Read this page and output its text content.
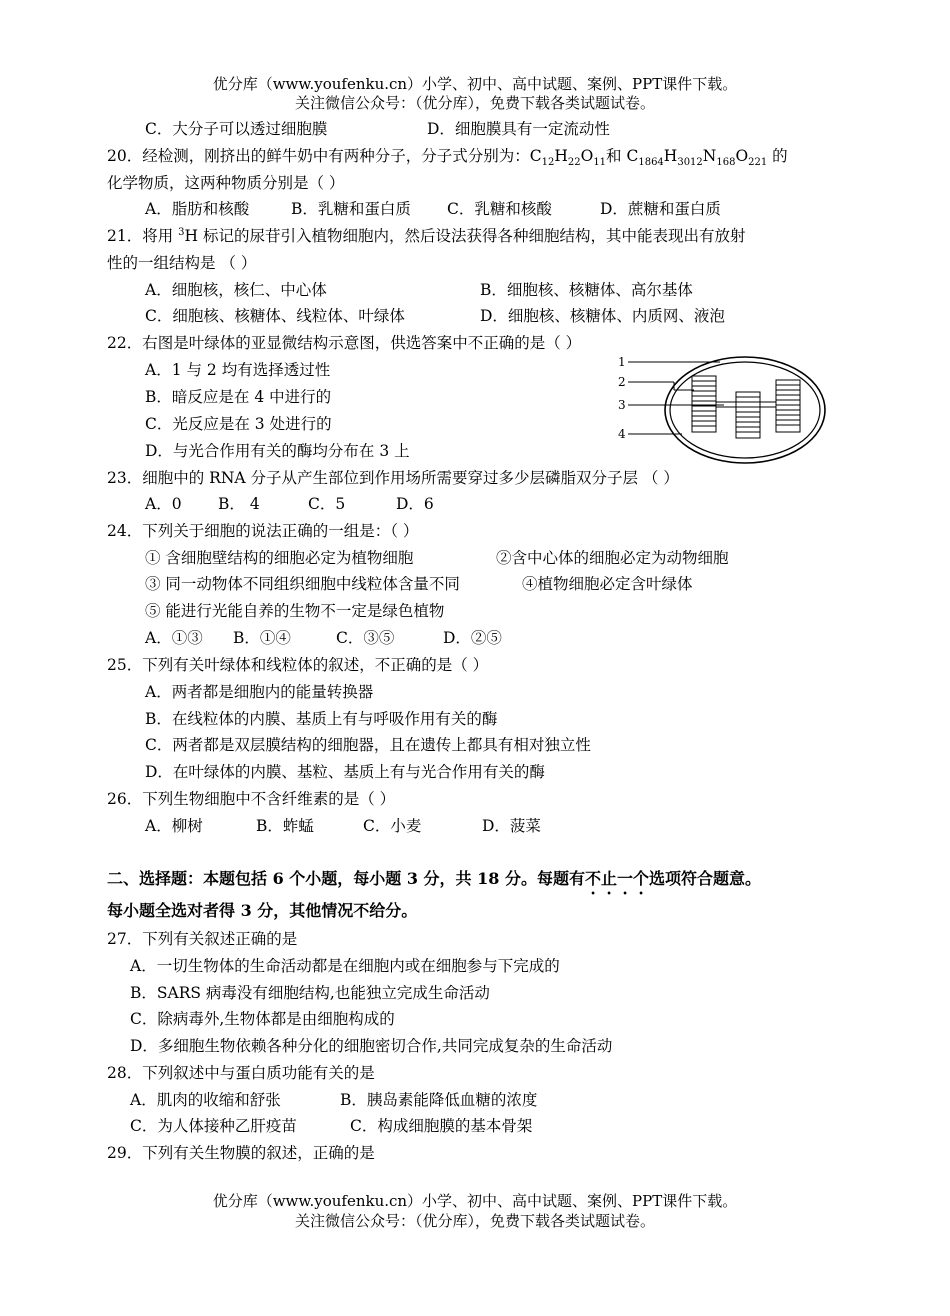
优分库（www.youfenku.cn）小学、初中、高中试题、案例、PPT课件下载。
关注微信公众号：（优分库），免费下载各类试题试卷。
C．大分子可以透过细胞膜	D．细胞膜具有一定流动性
20．经检测，刚挤出的鲜牛奶中有两种分子，分子式分别为：$C_{12}H_{22}O_{11}$和 $C_{1864}H_{3012}N_{168}O_{221}$ 的
化学物质，这两种物质分别是（ ）
A．脂肪和核酸	B．乳糖和蛋白质 C．乳糖和核酸	D．蔗糖和蛋白质
21．将用 $^3$H 标记的尿苷引入植物细胞内，然后设法获得各种细胞结构，其中能表现出有放射
性的一组结构是 （ ）
A．细胞核，核仁、中心体	B．细胞核、核糖体、高尔基体
C．细胞核、核糖体、线粒体、叶绿体	D．细胞核、核糖体、内质网、液泡
22．右图是叶绿体的亚显微结构示意图，供选答案中不正确的是（ ）
A．1 与 2 均有选择透过性
B．暗反应是在 4 中进行的
C．光反应是在 3 处进行的
D．与光合作用有关的酶均分布在 3 上
1
2
3
4
23．细胞中的 RNA 分子从产生部位到作用场所需要穿过多少层磷脂双分子层 （ ）
A．0 B． 4	C．5	D．6
24．下列关于细胞的说法正确的一组是：（ ）
① 含细胞壁结构的细胞必定为植物细胞	②含中心体的细胞必定为动物细胞
③ 同一动物体不同组织细胞中线粒体含量不同	④植物细胞必定含叶绿体
⑤ 能进行光能自养的生物不一定是绿色植物
A．①③ B．①④	C．③⑤	D．②⑤
25．下列有关叶绿体和线粒体的叙述，不正确的是（ ）
A．两者都是细胞内的能量转换器
B．在线粒体的内膜、基质上有与呼吸作用有关的酶
C．两者都是双层膜结构的细胞器，且在遗传上都具有相对独立性
D．在叶绿体的内膜、基粒、基质上有与光合作用有关的酶
26．下列生物细胞中不含纤维素的是（ ）
A．柳树	B．蚱蜢	C．小麦	D．菠菜
二、选择题：本题包括 6 个小题，每小题 3 分，共 18 分。每题有不止一个选项符合题意。
每小题全选对者得 3 分，其他情况不给分。
27．下列有关叙述正确的是
A．一切生物体的生命活动都是在细胞内或在细胞参与下完成的
B．SARS 病毒没有细胞结构,也能独立完成生命活动
C．除病毒外,生物体都是由细胞构成的
D．多细胞生物依赖各种分化的细胞密切合作,共同完成复杂的生命活动
28．下列叙述中与蛋白质功能有关的是
A．肌肉的收缩和舒张	B．胰岛素能降低血糖的浓度
C．为人体接种乙肝疫苗	C．构成细胞膜的基本骨架
29．下列有关生物膜的叙述，正确的是
优分库（www.youfenku.cn）小学、初中、高中试题、案例、PPT课件下载。
关注微信公众号：（优分库），免费下载各类试题试卷。
